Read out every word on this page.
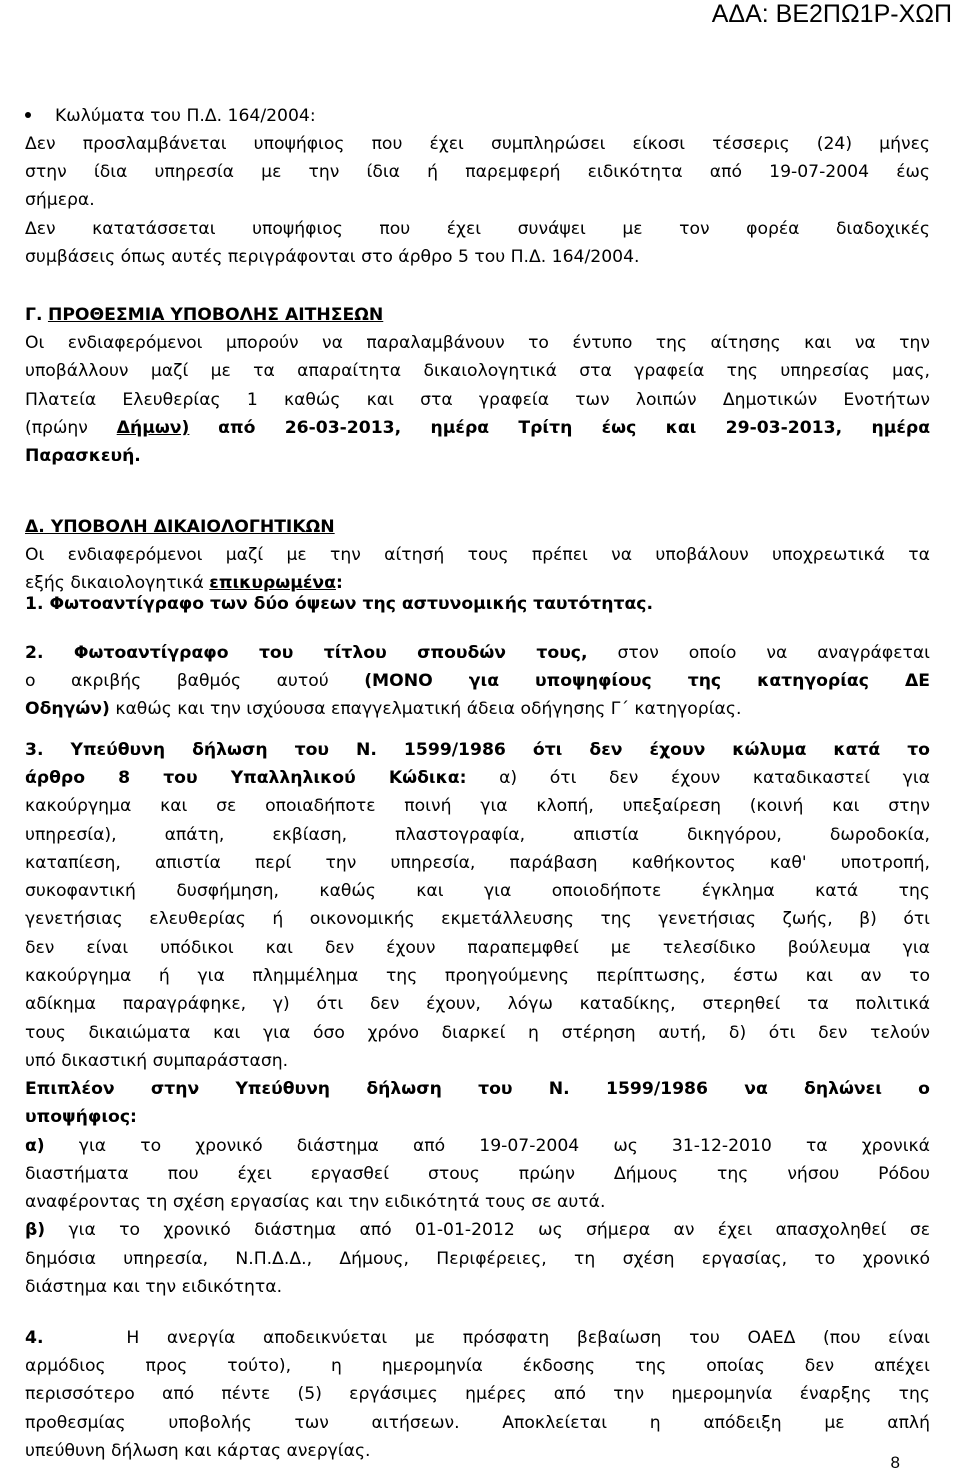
ΑΔΑ: ΒΕ2ΠΩ1Ρ-ΧΩΠ
Κωλύματα του Π.Δ. 164/2004:
Δεν προσλαμβάνεται υποψήφιος που έχει συμπληρώσει είκοσι τέσσερις (24) μήνες
στην ίδια υπηρεσία με την ίδια ή παρεμφερή ειδικότητα από 19-07-2004 έως
σήμερα.
Δεν κατατάσσεται υποψήφιος που έχει συνάψει με τον φορέα διαδοχικές
συμβάσεις όπως αυτές περιγράφονται στο άρθρο 5 του Π.Δ. 164/2004.
Γ. ΠΡΟΘΕΣΜΙΑ ΥΠΟΒΟΛΗΣ ΑΙΤΗΣΕΩΝ
Οι ενδιαφερόμενοι μπορούν να παραλαμβάνουν το έντυπο της αίτησης και να την
υποβάλλουν μαζί με τα απαραίτητα δικαιολογητικά στα γραφεία της υπηρεσίας μας,
Πλατεία Ελευθερίας 1 καθώς και στα γραφεία των λοιπών Δημοτικών Ενοτήτων
(πρώην Δήμων) από 26-03-2013, ημέρα Τρίτη έως και 29-03-2013, ημέρα
Παρασκευή.
Δ. ΥΠΟΒΟΛΗ ΔΙΚΑΙΟΛΟΓΗΤΙΚΩΝ
Οι ενδιαφερόμενοι μαζί με την αίτησή τους πρέπει να υποβάλουν υποχρεωτικά τα
εξής δικαιολογητικά επικυρωμένα:
1. Φωτοαντίγραφο των δύο όψεων της αστυνομικής ταυτότητας.
2. Φωτοαντίγραφο του τίτλου σπουδών τους, στον οποίο να αναγράφεται
ο ακριβής βαθμός αυτού (ΜΟΝΟ για υποψηφίους της κατηγορίας ΔΕ
Οδηγών) καθώς και την ισχύουσα επαγγελματική άδεια οδήγησης Γ΄ κατηγορίας.
3. Υπεύθυνη δήλωση του Ν. 1599/1986 ότι δεν έχουν κώλυμα κατά το
άρθρο 8 του Υπαλληλικού Κώδικα: α) ότι δεν έχουν καταδικαστεί για
κακούργημα και σε οποιαδήποτε ποινή για κλοπή, υπεξαίρεση (κοινή και στην
υπηρεσία), απάτη, εκβίαση, πλαστογραφία, απιστία δικηγόρου, δωροδοκία,
καταπίεση, απιστία περί την υπηρεσία, παράβαση καθήκοντος καθ' υποτροπή,
συκοφαντική δυσφήμηση, καθώς και για οποιοδήποτε έγκλημα κατά της
γενετήσιας ελευθερίας ή οικονομικής εκμετάλλευσης της γενετήσιας ζωής, β) ότι
δεν είναι υπόδικοι και δεν έχουν παραπεμφθεί με τελεσίδικο βούλευμα για
κακούργημα ή για πλημμέλημα της προηγούμενης περίπτωσης, έστω και αν το
αδίκημα παραγράφηκε, γ) ότι δεν έχουν, λόγω καταδίκης, στερηθεί τα πολιτικά
τους δικαιώματα και για όσο χρόνο διαρκεί η στέρηση αυτή, δ) ότι δεν τελούν
υπό δικαστική συμπαράσταση.
Επιπλέον στην Υπεύθυνη δήλωση του Ν. 1599/1986 να δηλώνει ο
υποψήφιος:
α) για το χρονικό διάστημα από 19-07-2004 ως 31-12-2010 τα χρονικά
διαστήματα που έχει εργασθεί στους πρώην Δήμους της νήσου Ρόδου
αναφέροντας τη σχέση εργασίας και την ειδικότητά τους σε αυτά.
β) για το χρονικό διάστημα από 01-01-2012 ως σήμερα αν έχει απασχοληθεί σε
δημόσια υπηρεσία, Ν.Π.Δ.Δ., Δήμους, Περιφέρειες, τη σχέση εργασίας, το χρονικό
διάστημα και την ειδικότητα.
4.   Η ανεργία αποδεικνύεται με πρόσφατη βεβαίωση του ΟΑΕΔ (που είναι
αρμόδιος προς τούτο), η ημερομηνία έκδοσης της οποίας δεν απέχει
περισσότερο από πέντε (5) εργάσιμες ημέρες από την ημερομηνία έναρξης της
προθεσμίας υποβολής των αιτήσεων. Αποκλείεται η απόδειξη με απλή
υπεύθυνη δήλωση και κάρτας ανεργίας.
8
